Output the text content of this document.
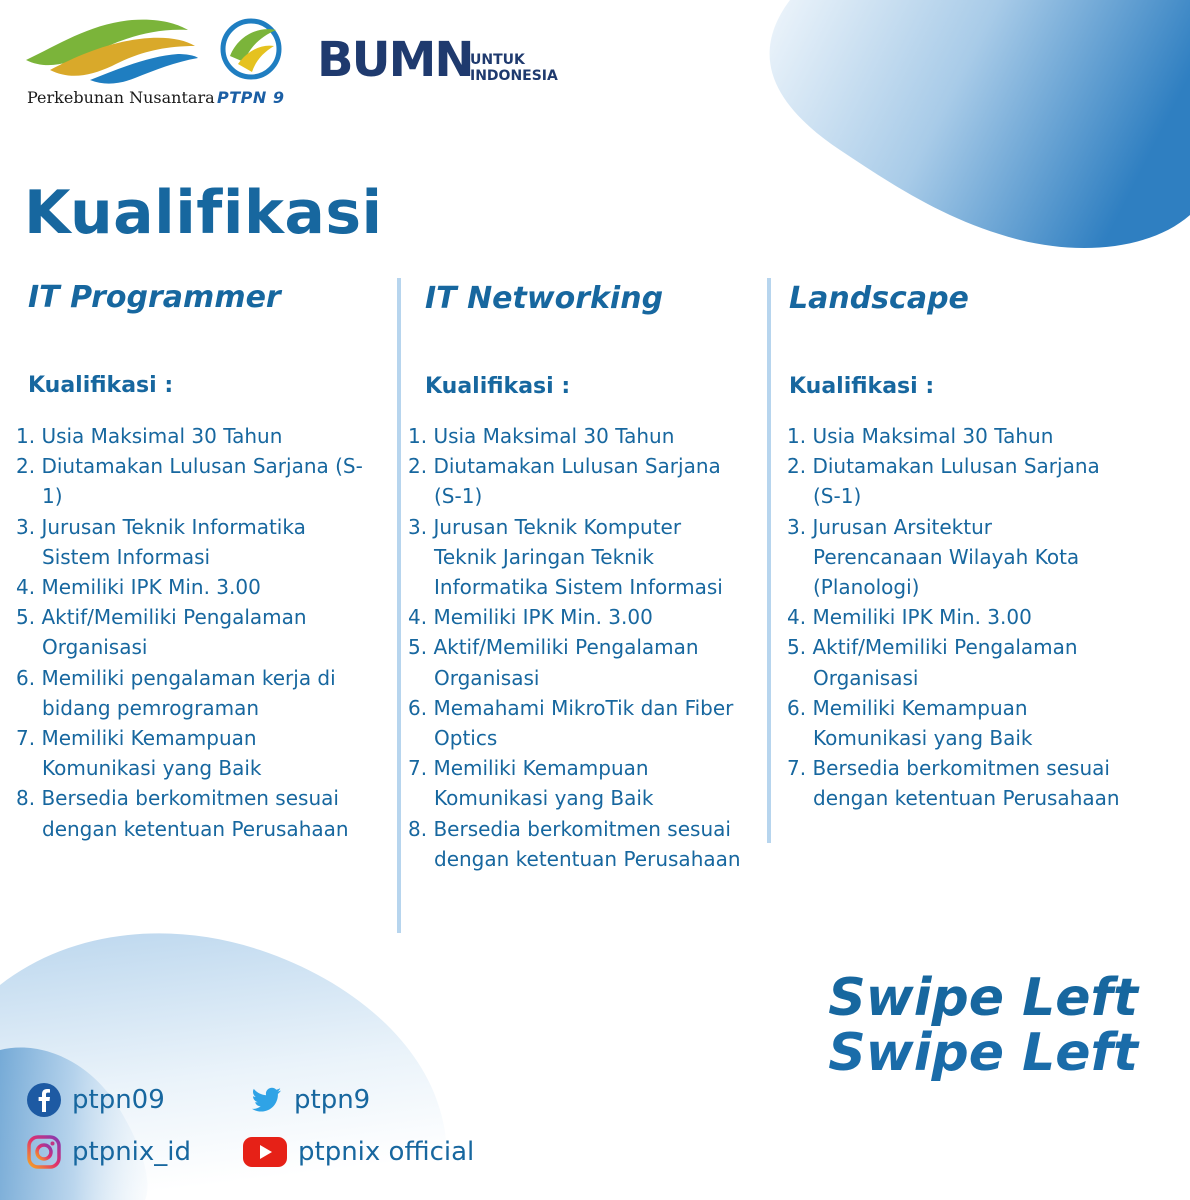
Perkebunan Nusantara PTPN 9
BUMN
UNTUK
INDONESIA
Kualifikasi
IT Programmer
Kualifikasi :
1. Usia Maksimal 30 Tahun
2. Diutamakan Lulusan Sarjana (S-1)
3. Jurusan Teknik Informatika Sistem Informasi
4. Memiliki IPK Min. 3.00
5. Aktif/Memiliki Pengalaman Organisasi
6. Memiliki pengalaman kerja di bidang pemrograman
7. Memiliki Kemampuan Komunikasi yang Baik
8. Bersedia berkomitmen sesuai dengan ketentuan Perusahaan
IT Networking
Kualifikasi :
1. Usia Maksimal 30 Tahun
2. Diutamakan Lulusan Sarjana (S-1)
3. Jurusan Teknik Komputer Teknik Jaringan Teknik Informatika Sistem Informasi
4. Memiliki IPK Min. 3.00
5. Aktif/Memiliki Pengalaman Organisasi
6. Memahami MikroTik dan Fiber Optics
7. Memiliki Kemampuan Komunikasi yang Baik
8. Bersedia berkomitmen sesuai dengan ketentuan Perusahaan
Landscape
Kualifikasi :
1. Usia Maksimal 30 Tahun
2. Diutamakan Lulusan Sarjana (S-1)
3. Jurusan Arsitektur Perencanaan Wilayah Kota (Planologi)
4. Memiliki IPK Min. 3.00
5. Aktif/Memiliki Pengalaman Organisasi
6. Memiliki Kemampuan Komunikasi yang Baik
7. Bersedia berkomitmen sesuai dengan ketentuan Perusahaan
Swipe Left
Swipe Left
ptpn09	ptpn9
ptpnix_id	ptpnix official
